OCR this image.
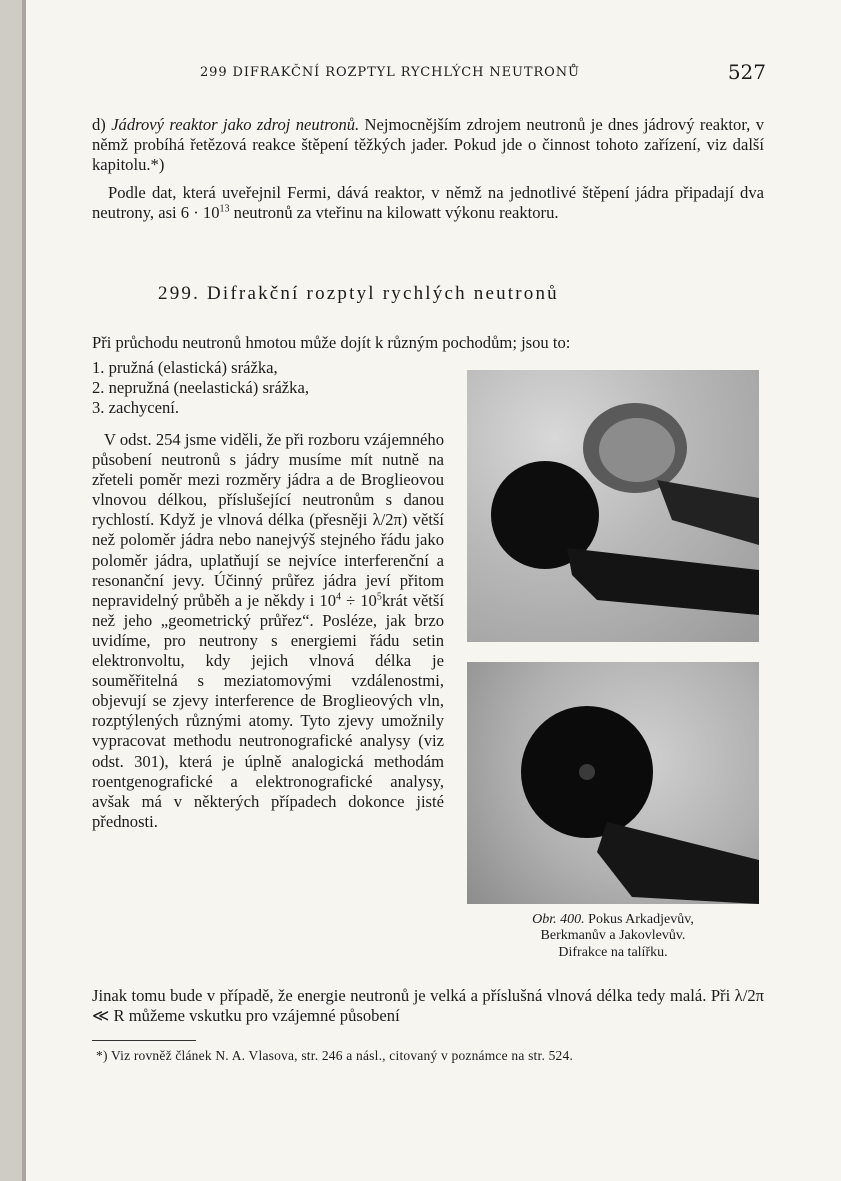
299 DIFRAKČNÍ ROZPTYL RYCHLÝCH NEUTRONŮ	527

d) Jádrový reaktor jako zdroj neutronů. Nejmocnějším zdrojem neutronů je dnes jádrový reaktor, v němž probíhá řetězová reakce štěpení těžkých jader. Pokud jde o činnost tohoto zařízení, viz další kapitolu.*)

Podle dat, která uveřejnil Fermi, dává reaktor, v němž na jednotlivé štěpení jádra připadají dva neutrony, asi $6 \cdot 10^{13}$ neutronů za vteřinu na kilowatt výkonu reaktoru.

299. Difrakční rozptyl rychlých neutronů

Při průchodu neutronů hmotou může dojít k různým pochodům; jsou to:

1. pružná (elastická) srážka,
2. nepružná (neelastická) srážka,
3. zachycení.

V odst. 254 jsme viděli, že při rozboru vzájemného působení neutronů s jádry musíme mít nutně na zřeteli poměr mezi rozměry jádra a de Broglieovou vlnovou délkou, příslušející neutronům s danou rychlostí. Když je vlnová délka (přesněji λ/2π) větší než poloměr jádra nebo nanejvýš stejného řádu jako poloměr jádra, uplatňují se nejvíce interferenční a resonanční jevy. Účinný průřez jádra jeví přitom nepravidelný průběh a je někdy i $10^4$ ÷ $10^5krát$ větší než jeho „geometrický průřez“. Posléze, jak brzo uvidíme, pro neutrony s energiemi řádu setin elektronvoltu, kdy jejich vlnová délka je souměřitelná s meziatomovými vzdálenostmi, objevují se zjevy interference de Broglieových vln, rozptýlených různými atomy. Tyto zjevy umožnily vypracovat methodu neutronografické analysy (viz odst. 301), která je úplně analogická methodám roentgenografické a elektronografické analysy, avšak má v některých případech dokonce jisté přednosti.

Obr. 400. Pokus Arkadjevův,
Berkmanův a Jakovlevův.
Difrakce na talířku.

Jinak tomu bude v případě, že energie neutronů je velká a příslušná vlnová délka tedy malá. Při λ/2π ≪ R můžeme vskutku pro vzájemné působení

*) Viz rovněž článek N. A. Vlasova, str. 246 a násl., citovaný v poznámce na str. 524.
